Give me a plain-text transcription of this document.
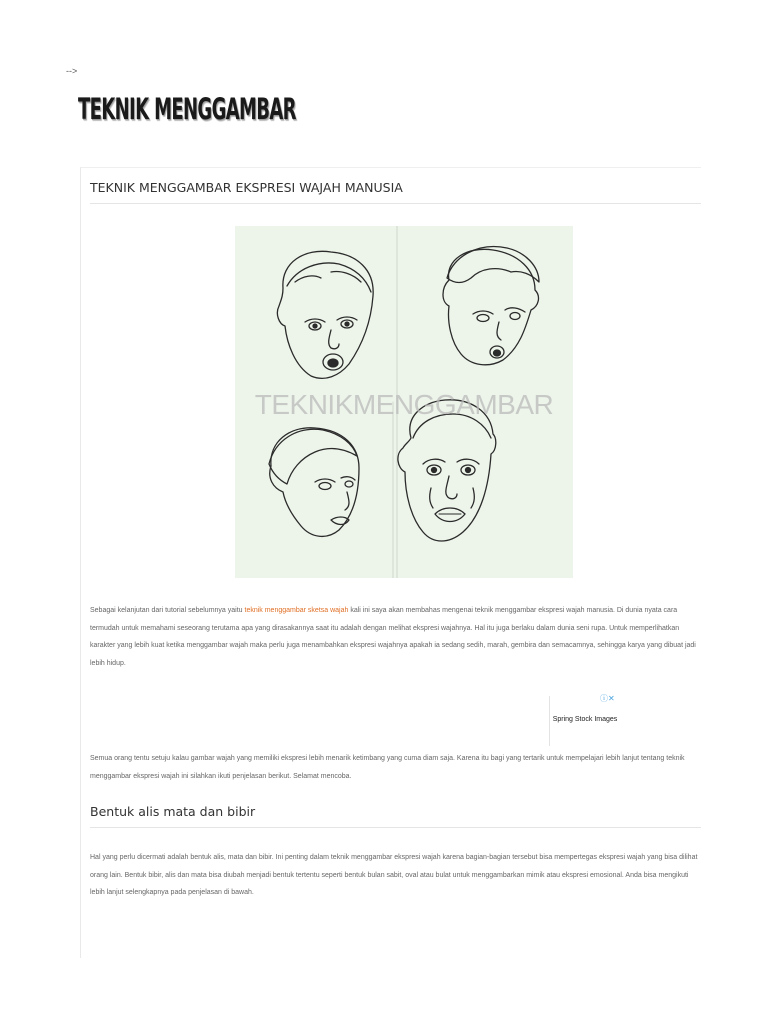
-->
TEKNIK MENGGAMBAR
TEKNIK MENGGAMBAR EKSPRESI WAJAH MANUSIA
TEKNIKMENGGAMBAR

Sebagai kelanjutan dari tutorial sebelumnya yaitu teknik menggambar sketsa wajah kali ini saya akan membahas mengenai teknik menggambar ekspresi wajah manusia. Di dunia nyata cara termudah untuk memahami seseorang terutama apa yang dirasakannya saat itu adalah dengan melihat ekspresi wajahnya. Hal itu juga berlaku dalam dunia seni rupa. Untuk memperlihatkan karakter yang lebih kuat ketika menggambar wajah maka perlu juga menambahkan ekspresi wajahnya apakah ia sedang sedih, marah, gembira dan semacamnya, sehingga karya yang dibuat jadi lebih hidup.

ⓘ✕
Spring Stock Images

Semua orang tentu setuju kalau gambar wajah yang memiliki ekspresi lebih menarik ketimbang yang cuma diam saja. Karena itu bagi yang tertarik untuk mempelajari lebih lanjut tentang teknik menggambar ekspresi wajah ini silahkan ikuti penjelasan berikut. Selamat mencoba.

Bentuk alis mata dan bibir

Hal yang perlu dicermati adalah bentuk alis, mata dan bibir. Ini penting dalam teknik menggambar ekspresi wajah karena bagian-bagian tersebut bisa mempertegas ekspresi wajah yang bisa dilihat orang lain. Bentuk bibir, alis dan mata bisa diubah menjadi bentuk tertentu seperti bentuk bulan sabit, oval atau bulat untuk menggambarkan mimik atau ekspresi emosional. Anda bisa mengikuti lebih lanjut selengkapnya pada penjelasan di bawah.
